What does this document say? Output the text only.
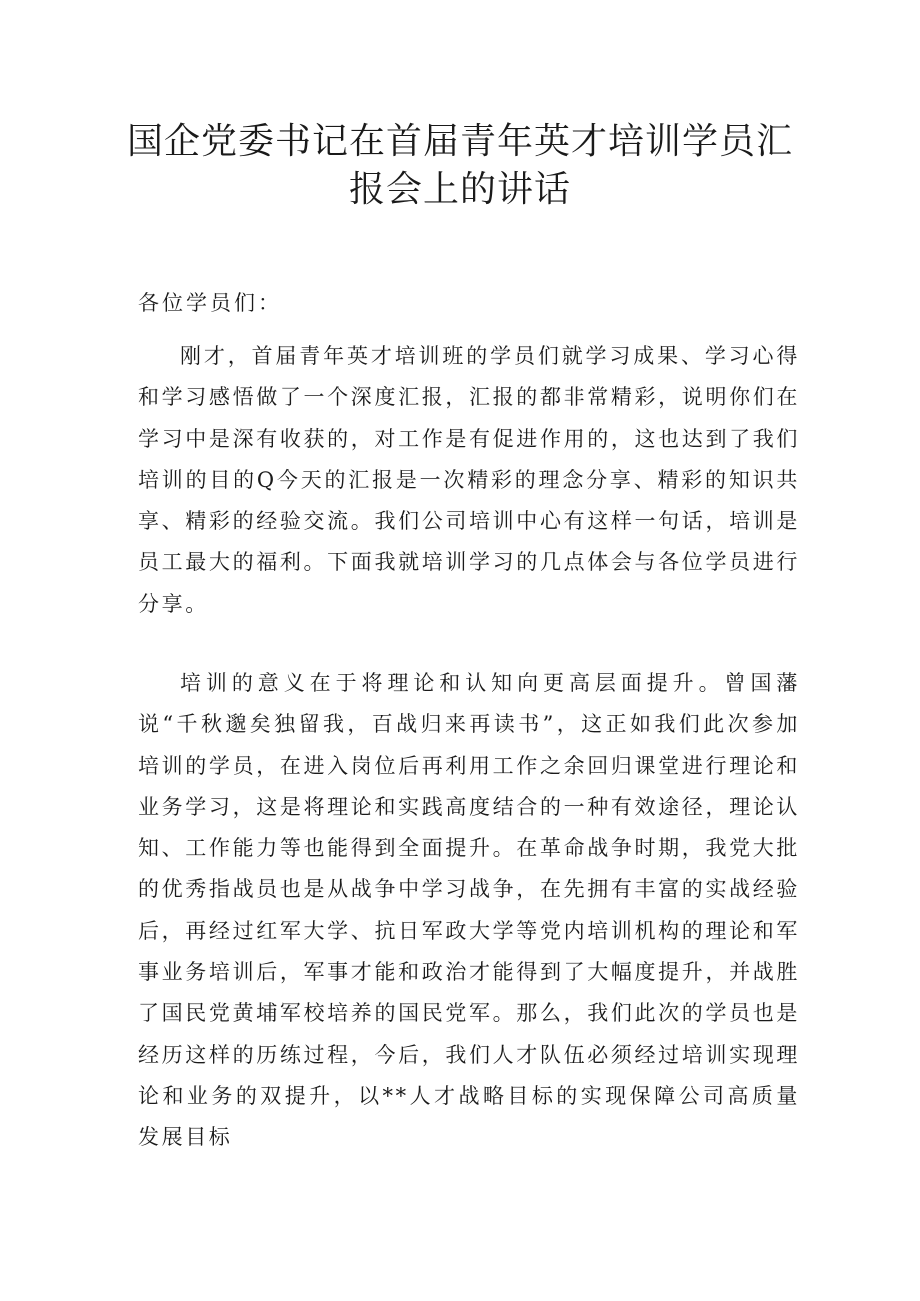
国企党委书记在首届青年英才培训学员汇报会上的讲话

各位学员们：

刚才，首届青年英才培训班的学员们就学习成果、学习心得和学习感悟做了一个深度汇报，汇报的都非常精彩，说明你们在学习中是深有收获的，对工作是有促进作用的，这也达到了我们培训的目的Q今天的汇报是一次精彩的理念分享、精彩的知识共享、精彩的经验交流。我们公司培训中心有这样一句话，培训是员工最大的福利。下面我就培训学习的几点体会与各位学员进行分享。

培训的意义在于将理论和认知向更高层面提升。曾国藩说“千秋邈矣独留我，百战归来再读书”，这正如我们此次参加培训的学员，在进入岗位后再利用工作之余回归课堂进行理论和业务学习，这是将理论和实践高度结合的一种有效途径，理论认知、工作能力等也能得到全面提升。在革命战争时期，我党大批的优秀指战员也是从战争中学习战争，在先拥有丰富的实战经验后，再经过红军大学、抗日军政大学等党内培训机构的理论和军事业务培训后，军事才能和政治才能得到了大幅度提升，并战胜了国民党黄埔军校培养的国民党军。那么，我们此次的学员也是经历这样的历练过程，今后，我们人才队伍必须经过培训实现理论和业务的双提升，以**人才战略目标的实现保障公司高质量发展目标
